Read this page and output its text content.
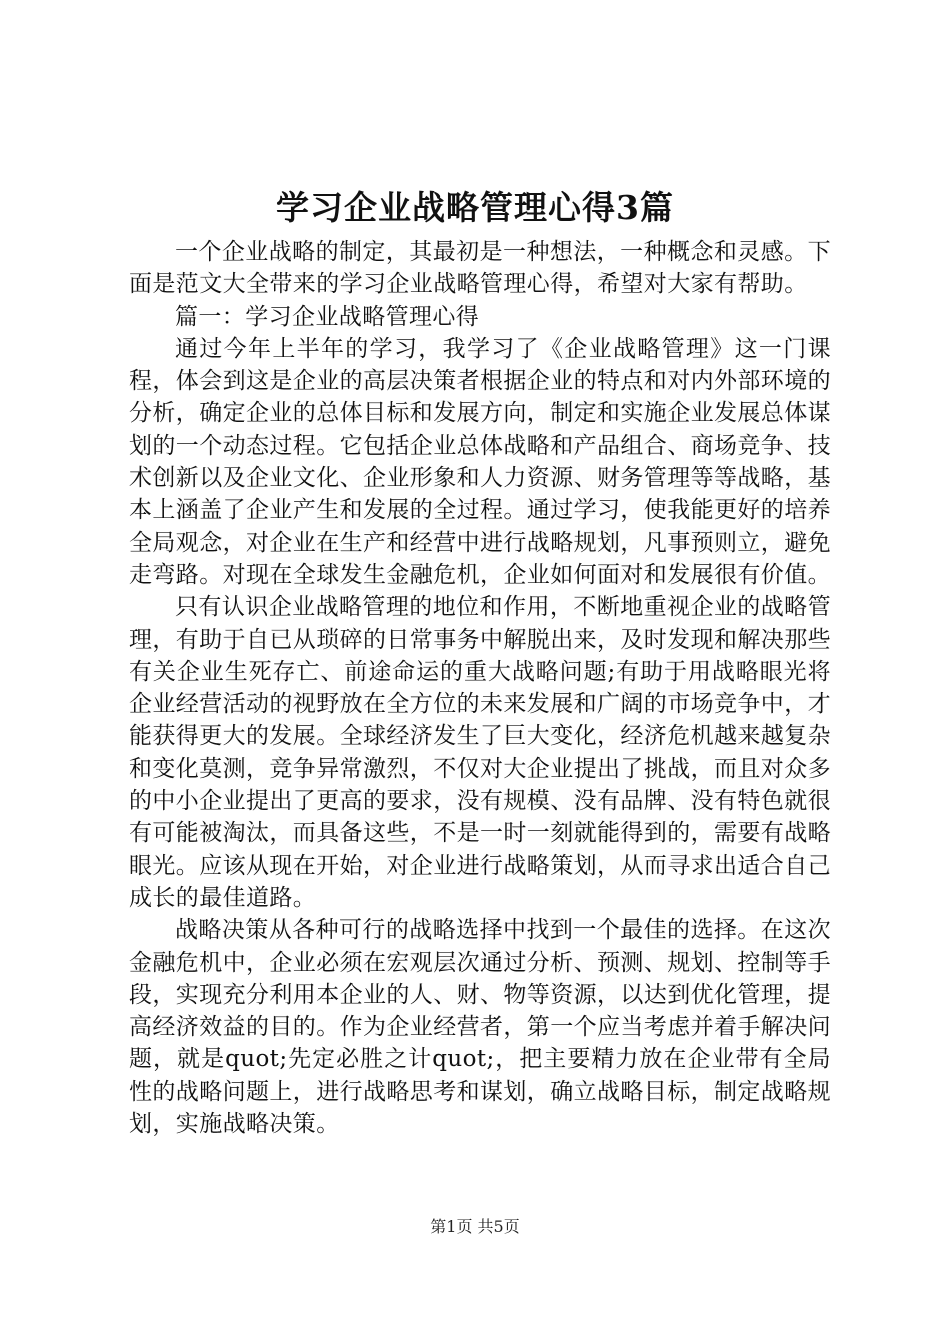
学习企业战略管理心得3篇

一个企业战略的制定，其最初是一种想法，一种概念和灵感。下面是范文大全带来的学习企业战略管理心得，希望对大家有帮助。

篇一：学习企业战略管理心得

通过今年上半年的学习，我学习了《企业战略管理》这一门课程，体会到这是企业的高层决策者根据企业的特点和对内外部环境的分析，确定企业的总体目标和发展方向，制定和实施企业发展总体谋划的一个动态过程。它包括企业总体战略和产品组合、商场竞争、技术创新以及企业文化、企业形象和人力资源、财务管理等等战略，基本上涵盖了企业产生和发展的全过程。通过学习，使我能更好的培养全局观念，对企业在生产和经营中进行战略规划，凡事预则立，避免走弯路。对现在全球发生金融危机，企业如何面对和发展很有价值。

只有认识企业战略管理的地位和作用，不断地重视企业的战略管理，有助于自已从琐碎的日常事务中解脱出来，及时发现和解决那些有关企业生死存亡、前途命运的重大战略问题;有助于用战略眼光将企业经营活动的视野放在全方位的未来发展和广阔的市场竞争中，才能获得更大的发展。全球经济发生了巨大变化，经济危机越来越复杂和变化莫测，竞争异常激烈，不仅对大企业提出了挑战，而且对众多的中小企业提出了更高的要求，没有规模、没有品牌、没有特色就很有可能被淘汰，而具备这些，不是一时一刻就能得到的，需要有战略眼光。应该从现在开始，对企业进行战略策划，从而寻求出适合自己成长的最佳道路。

战略决策从各种可行的战略选择中找到一个最佳的选择。在这次金融危机中，企业必须在宏观层次通过分析、预测、规划、控制等手段，实现充分利用本企业的人、财、物等资源，以达到优化管理，提高经济效益的目的。作为企业经营者，第一个应当考虑并着手解决问题，就是quot;先定必胜之计quot;，把主要精力放在企业带有全局性的战略问题上，进行战略思考和谋划，确立战略目标，制定战略规划，实施战略决策。

第1页 共5页
